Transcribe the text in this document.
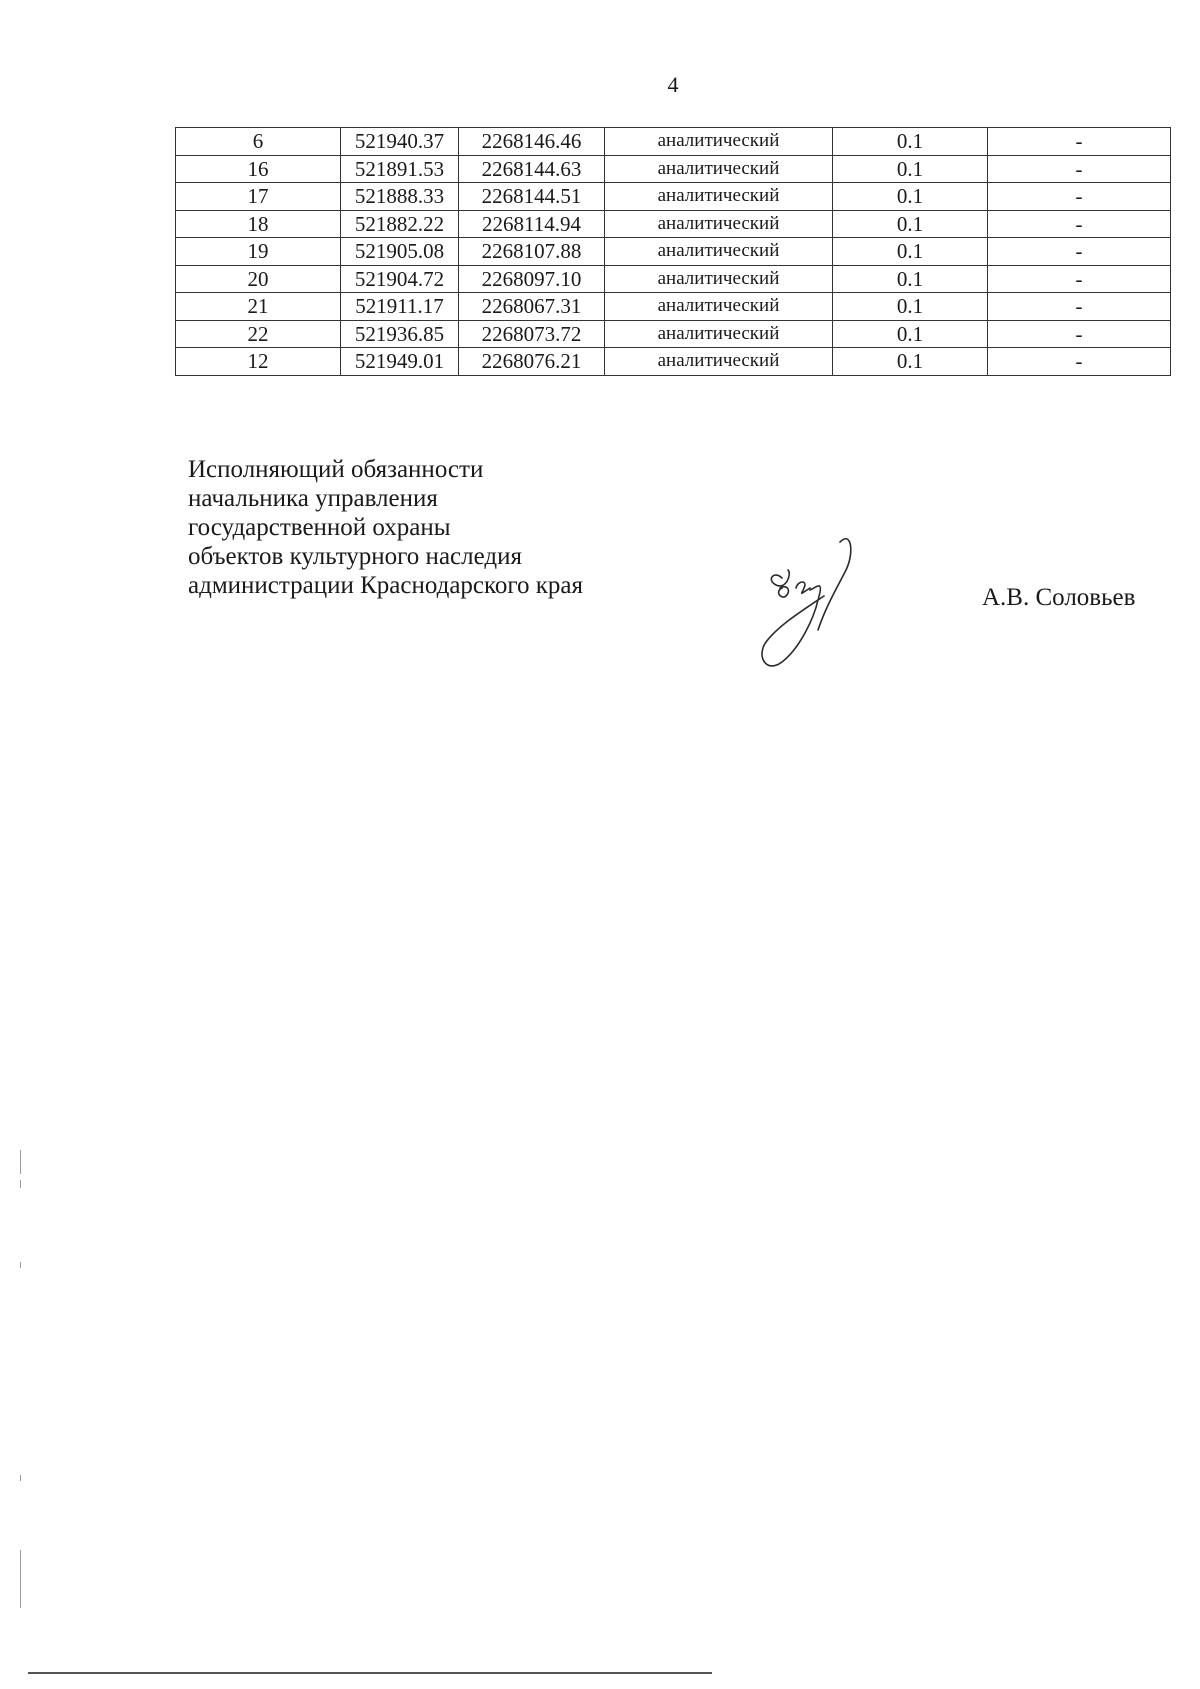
4
6	521940.37	2268146.46	аналитический	0.1	-
16	521891.53	2268144.63	аналитический	0.1	-
17	521888.33	2268144.51	аналитический	0.1	-
18	521882.22	2268114.94	аналитический	0.1	-
19	521905.08	2268107.88	аналитический	0.1	-
20	521904.72	2268097.10	аналитический	0.1	-
21	521911.17	2268067.31	аналитический	0.1	-
22	521936.85	2268073.72	аналитический	0.1	-
12	521949.01	2268076.21	аналитический	0.1	-
Исполняющий обязанности
начальника управления
государственной охраны
объектов культурного наследия
администрации Краснодарского края	А.В. Соловьев
